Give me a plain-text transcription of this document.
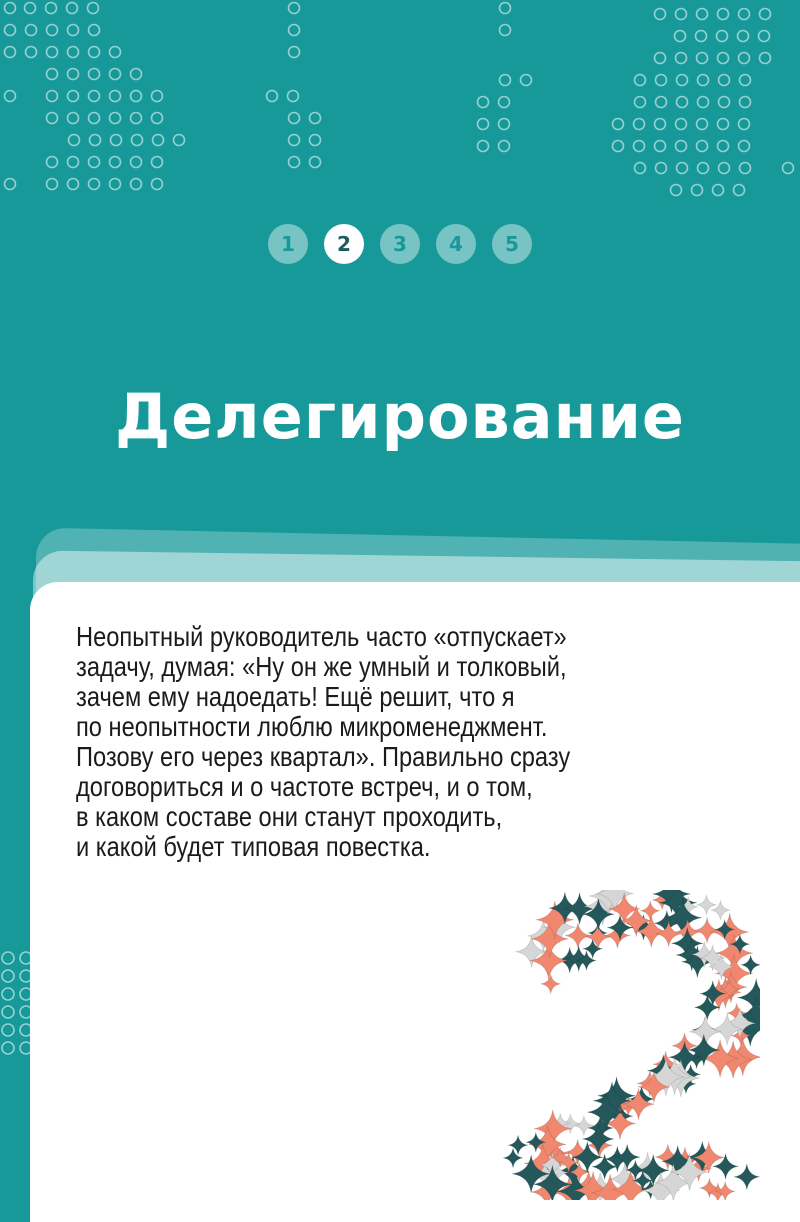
1	2	3	4	5
Делегирование

Неопытный руководитель часто «отпускает»
задачу, думая: «Ну он же умный и толковый,
зачем ему надоедать! Ещё решит, что я
по неопытности люблю микроменеджмент.
Позову его через квартал». Правильно сразу
договориться и о частоте встреч, и о том,
в каком составе они станут проходить,
и какой будет типовая повестка.
